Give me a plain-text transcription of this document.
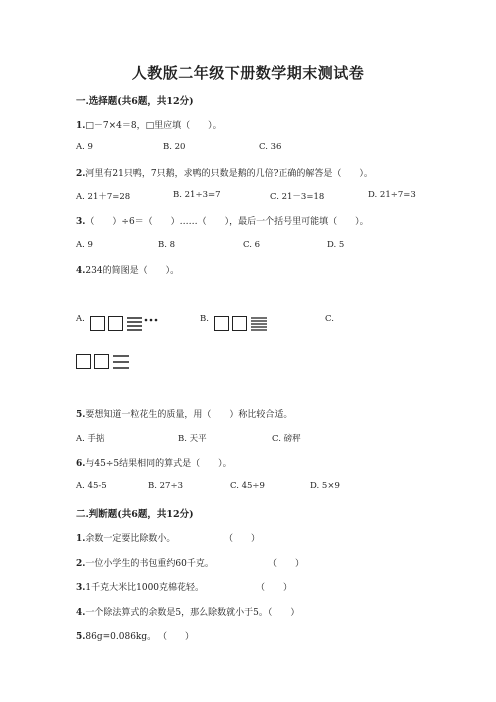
人教版二年级下册数学期末测试卷
一.选择题(共6题，共12分)
1.□－7×4＝8，□里应填（　　）。
A. 9	B. 20	C. 36
2.河里有21只鸭，7只鹅，求鸭的只数是鹅的几倍?正确的解答是（　　）。
A. 21＋7=28	B. 21÷3=7	C. 21－3=18	D. 21÷7=3
3.（　　）÷6＝（　　）……（　　），最后一个括号里可能填（　　）。
A. 9	B. 8	C. 6	D. 5
4.234的简图是（　　）。
A.	B.	C.
5.要想知道一粒花生的质量，用（　　）称比较合适。
A. 手掂	B. 天平	C. 磅秤
6.与45÷5结果相同的算式是（　　）。
A. 45-5	B. 27÷3	C. 45÷9	D. 5×9
二.判断题(共6题，共12分)
1.余数一定要比除数小。	（　　）
2.一位小学生的书包重约60千克。	（　　）
3.1千克大米比1000克棉花轻。	（　　）
4.一个除法算式的余数是5，那么除数就小于5。（　　）
5.86g=0.086kg。 （　　）
